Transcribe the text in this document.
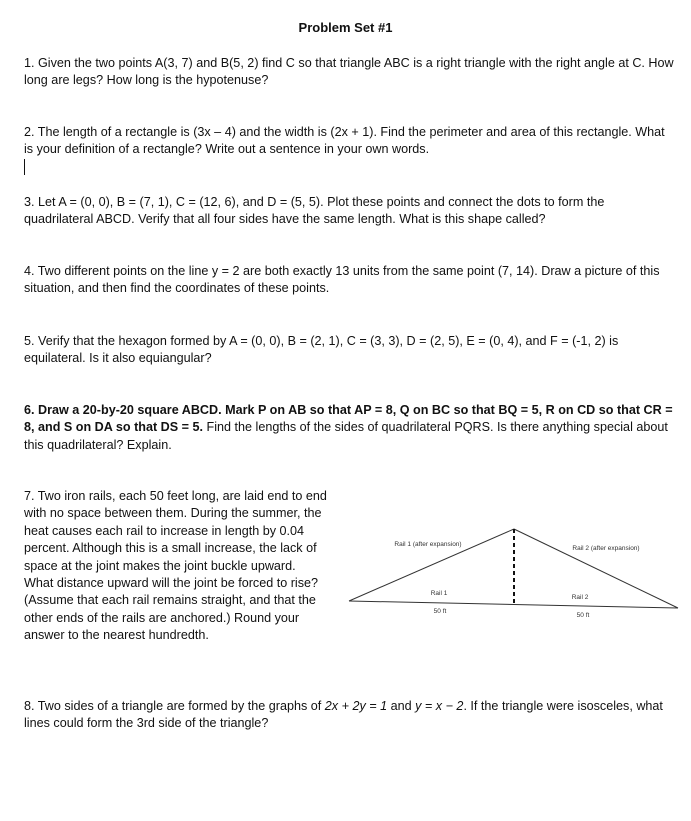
Problem Set #1

1. Given the two points A(3, 7) and B(5, 2) find C so that triangle ABC is a right triangle with the right angle at C. How long are legs? How long is the hypotenuse?

2. The length of a rectangle is (3x – 4) and the width is (2x + 1). Find the perimeter and area of this rectangle. What is your definition of a rectangle? Write out a sentence in your own words.

3. Let A = (0, 0), B = (7, 1), C = (12, 6), and D = (5, 5). Plot these points and connect the dots to form the quadrilateral ABCD. Verify that all four sides have the same length. What is this shape called?

4. Two different points on the line y = 2 are both exactly 13 units from the same point (7, 14). Draw a picture of this situation, and then find the coordinates of these points.

5. Verify that the hexagon formed by A = (0, 0), B = (2, 1), C = (3, 3), D = (2, 5), E = (0, 4), and F = (-1, 2) is equilateral. Is it also equiangular?

6. Draw a 20-by-20 square ABCD. Mark P on AB so that AP = 8, Q on BC so that BQ = 5, R on CD so that CR = 8, and S on DA so that DS = 5. Find the lengths of the sides of quadrilateral PQRS. Is there anything special about this quadrilateral? Explain.

7. Two iron rails, each 50 feet long, are laid end to end with no space between them. During the summer, the heat causes each rail to increase in length by 0.04 percent. Although this is a small increase, the lack of space at the joint makes the joint buckle upward. What distance upward will the joint be forced to rise? (Assume that each rail remains straight, and that the other ends of the rails are anchored.) Round your answer to the nearest hundredth.

Rail 1 (after expansion)
Rail 2 (after expansion)
Rail 1
Rail 2
50 ft
50 ft

8. Two sides of a triangle are formed by the graphs of 2x + 2y = 1 and y = x − 2. If the triangle were isosceles, what lines could form the 3rd side of the triangle?
